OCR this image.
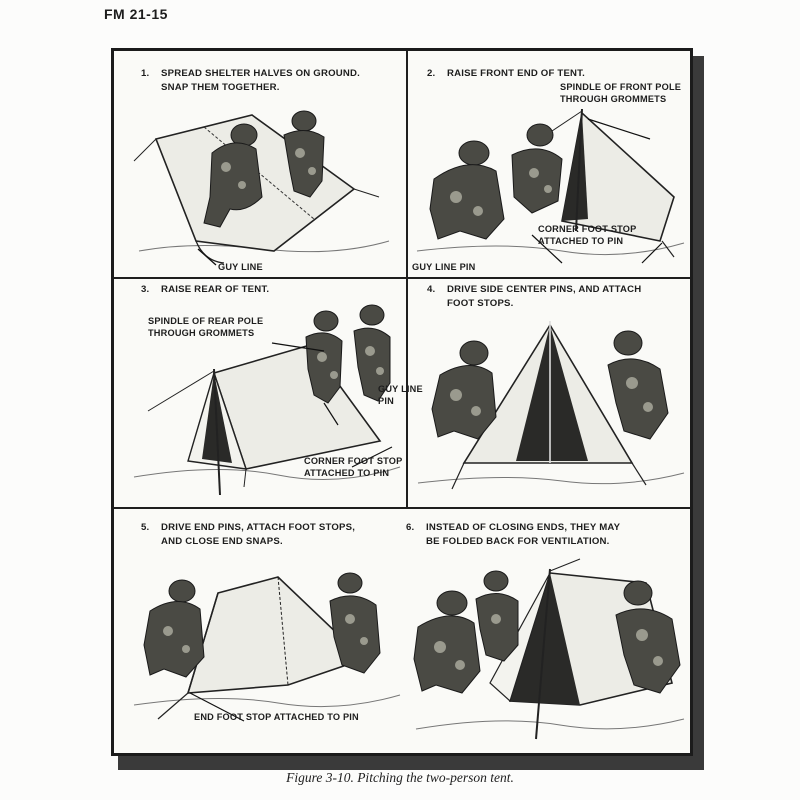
FM 21-15
1. SPREAD SHELTER HALVES ON GROUND.
SNAP THEM TOGETHER.
GUY LINE
2. RAISE FRONT END OF TENT.
SPINDLE OF FRONT POLE
THROUGH GROMMETS
CORNER FOOT STOP
ATTACHED TO PIN
GUY LINE PIN
3. RAISE REAR OF TENT.
SPINDLE OF REAR POLE
THROUGH GROMMETS
GUY LINE
PIN
CORNER FOOT STOP
ATTACHED TO PIN
4. DRIVE SIDE CENTER PINS, AND ATTACH
FOOT STOPS.
5. DRIVE END PINS, ATTACH FOOT STOPS,
AND CLOSE END SNAPS.
END FOOT STOP ATTACHED TO PIN
6. INSTEAD OF CLOSING ENDS, THEY MAY
BE FOLDED BACK FOR VENTILATION.
Figure 3-10. Pitching the two-person tent.
